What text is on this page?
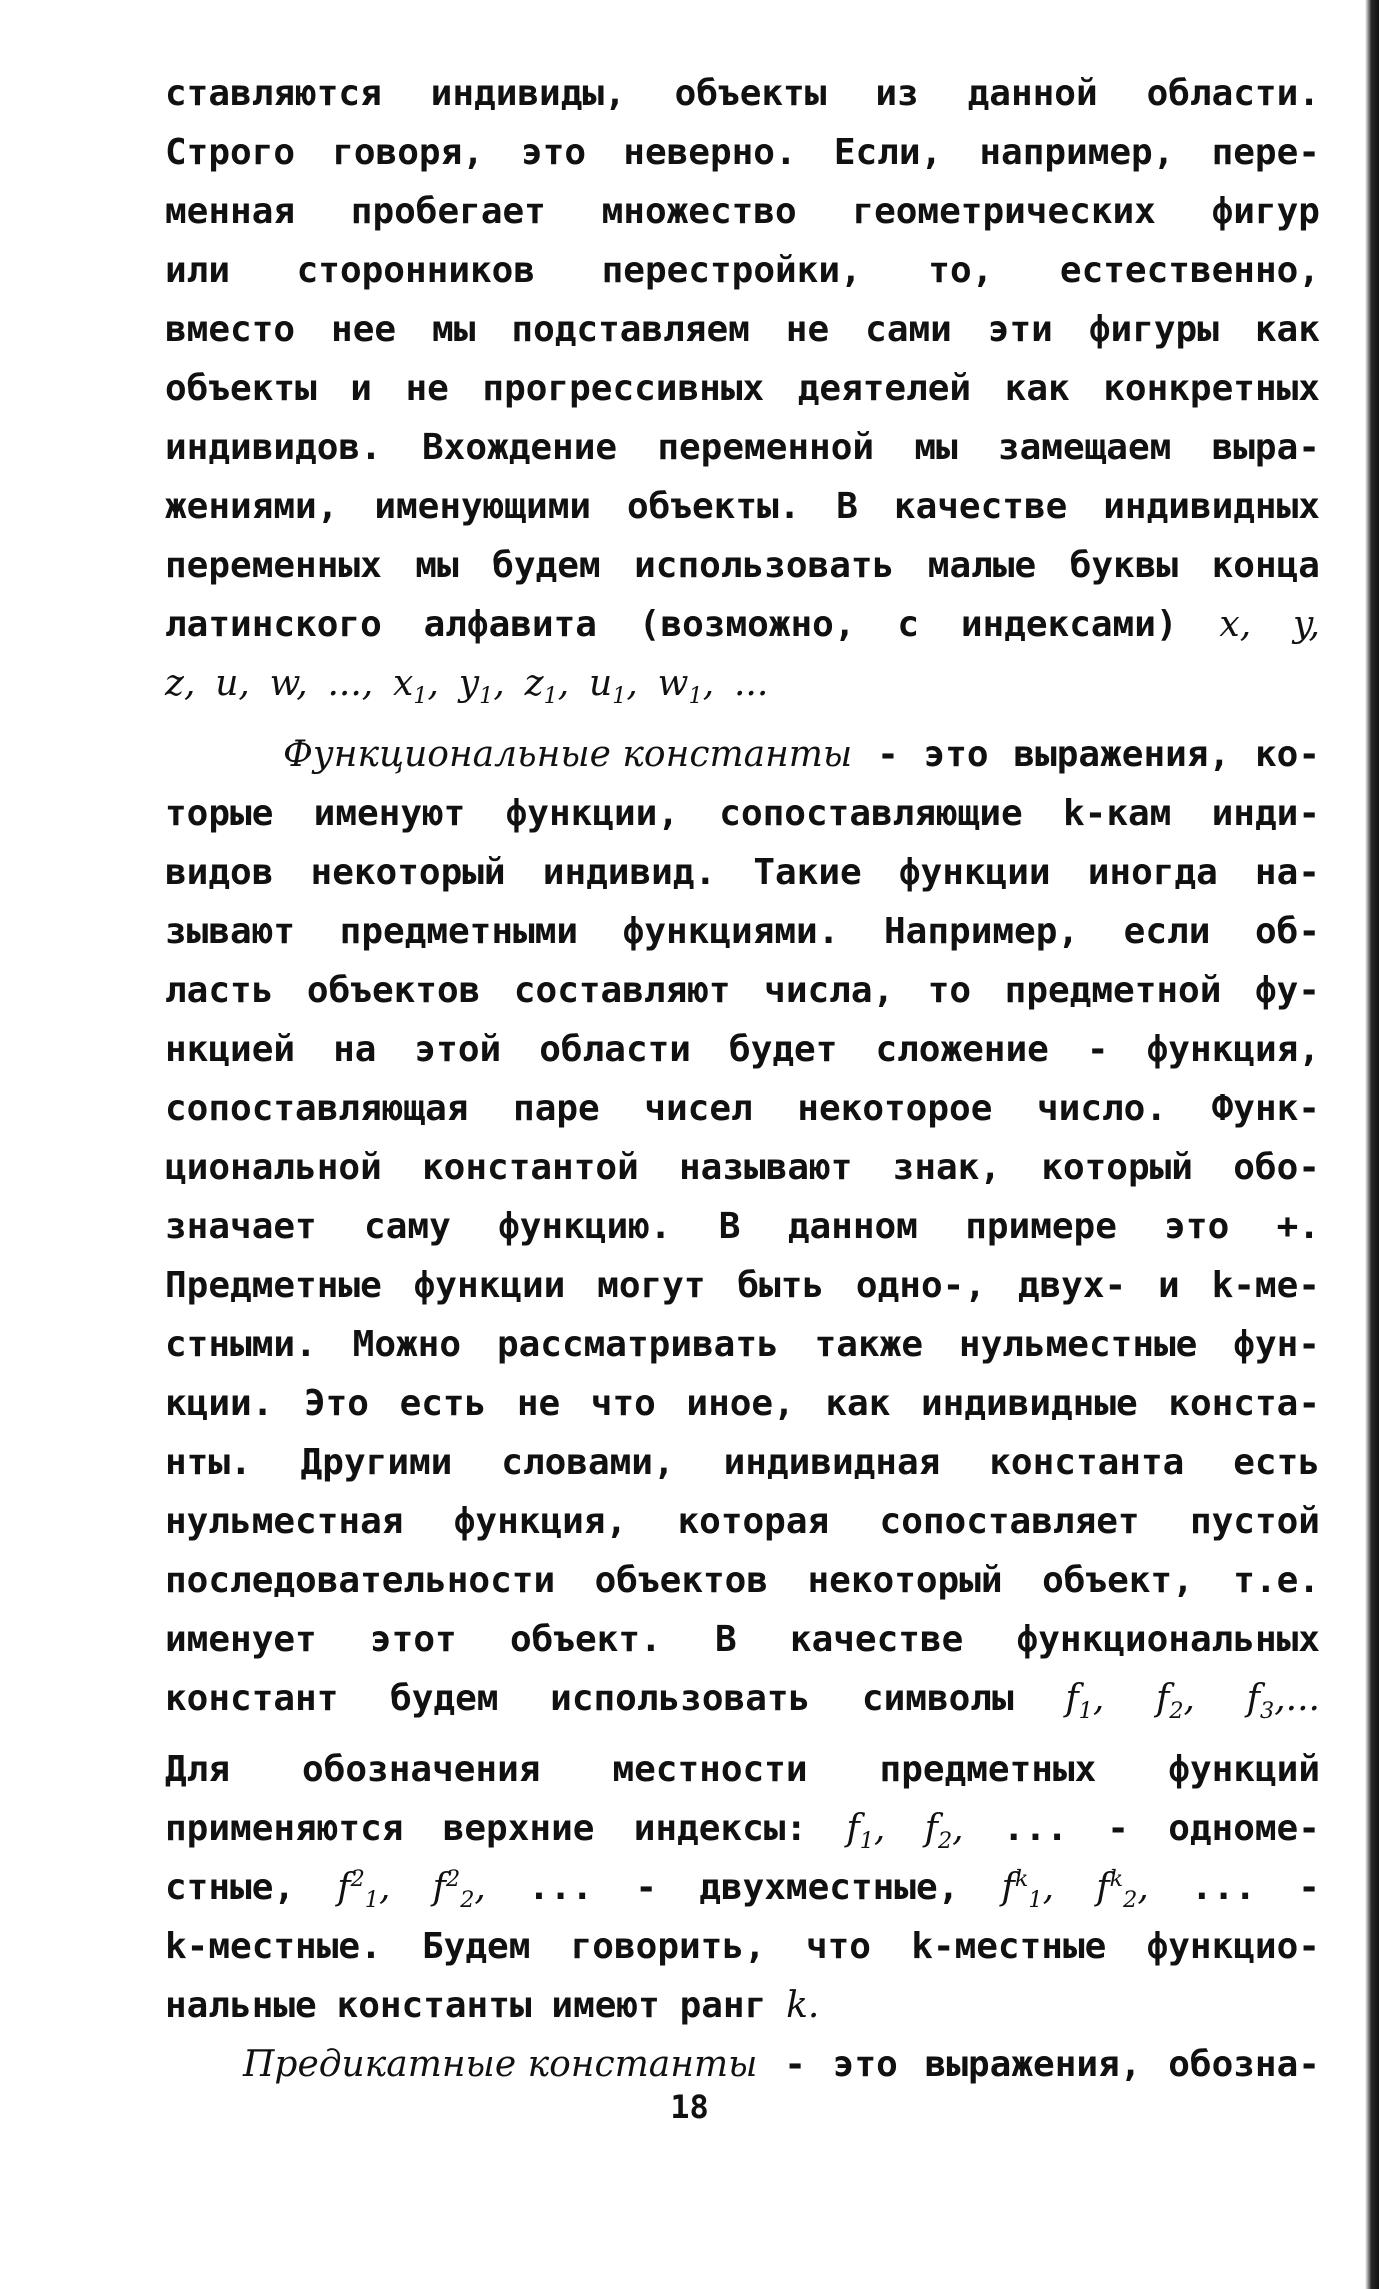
ставляются индивиды, объекты из данной области.
Строго говоря, это неверно. Если, например, пере-
менная пробегает множество геометрических фигур
или сторонников перестройки, то, естественно,
вместо нее мы подставляем не сами эти фигуры как
объекты и не прогрессивных деятелей как конкретных
индивидов. Вхождение переменной мы замещаем выра-
жениями, именующими объекты. В качестве индивидных
переменных мы будем использовать малые буквы конца
латинского алфавита (возможно, с индексами) x, y,
z, u, w, ..., $x_1$, $y_1$, $z_1$, $u_1$, $w_1$, ...
Функциональные константы - это выражения, ко-
торые именуют функции, сопоставляющие k-кам инди-
видов некоторый индивид. Такие функции иногда на-
зывают предметными функциями. Например, если об-
ласть объектов составляют числа, то предметной фу-
нкцией на этой области будет сложение - функция,
сопоставляющая паре чисел некоторое число. Функ-
циональной константой называют знак, который обо-
значает саму функцию. В данном примере это +.
Предметные функции могут быть одно-, двух- и k-ме-
стными. Можно рассматривать также нульместные фун-
кции. Это есть не что иное, как индивидные конста-
нты. Другими словами, индивидная константа есть
нульместная функция, которая сопоставляет пустой
последовательности объектов некоторый объект, т.е.
именует этот объект. В качестве функциональных
констант будем использовать символы $f_1$, $f_2$, $f_3$,...
Для обозначения местности предметных функций
применяются верхние индексы: $f_1$, $f_2$, ... - одноме-
стные, $f^2_1$, $f^2_2$, ... - двухместные, $f^k_1$, $f^k_2$, ... -
k-местные. Будем говорить, что k-местные функцио-
нальные константы имеют ранг k.
Предикатные константы - это выражения, обозна-
18
